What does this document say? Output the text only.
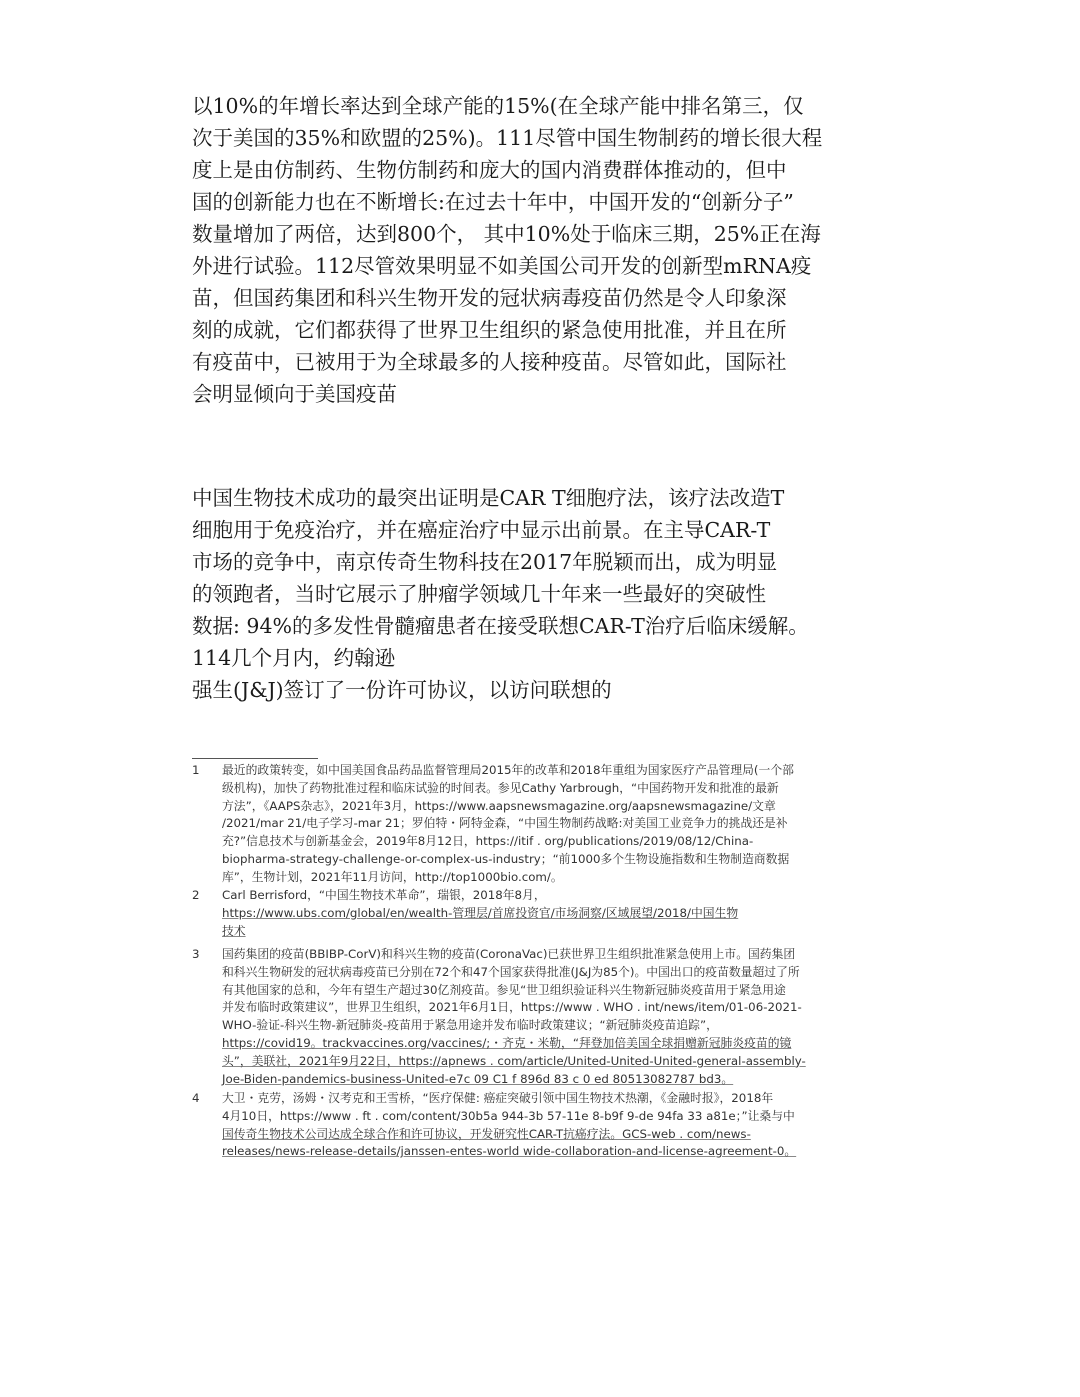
以10%的年增长率达到全球产能的15%(在全球产能中排名第三，仅
次于美国的35%和欧盟的25%)。111尽管中国生物制药的增长很大程
度上是由仿制药、生物仿制药和庞大的国内消费群体推动的，但中
国的创新能力也在不断增长:在过去十年中，中国开发的“创新分子”
数量增加了两倍，达到800个， 其中10%处于临床三期，25%正在海
外进行试验。112尽管效果明显不如美国公司开发的创新型mRNA疫
苗，但国药集团和科兴生物开发的冠状病毒疫苗仍然是令人印象深
刻的成就，它们都获得了世界卫生组织的紧急使用批准，并且在所
有疫苗中，已被用于为全球最多的人接种疫苗。尽管如此，国际社
会明显倾向于美国疫苗
中国生物技术成功的最突出证明是CAR T细胞疗法，该疗法改造T
细胞用于免疫治疗，并在癌症治疗中显示出前景。在主导CAR-T
市场的竞争中，南京传奇生物科技在2017年脱颖而出，成为明显
的领跑者，当时它展示了肿瘤学领域几十年来一些最好的突破性
数据: 94%的多发性骨髓瘤患者在接受联想CAR-T治疗后临床缓解。
114几个月内，约翰逊
强生(J&J)签订了一份许可协议，以访问联想的
1	最近的政策转变，如中国美国食品药品监督管理局2015年的改革和2018年重组为国家医疗产品管理局(一个部
级机构)，加快了药物批准过程和临床试验的时间表。参见Cathy Yarbrough，“中国药物开发和批准的最新
方法”，《AAPS杂志》，2021年3月，https://www.aapsnewsmagazine.org/aapsnewsmagazine/文章
/2021/mar 21/电子学习-mar 21；罗伯特・阿特金森，“中国生物制药战略:对美国工业竞争力的挑战还是补
充?”信息技术与创新基金会，2019年8月12日，https://itif . org/publications/2019/08/12/China-
biopharma-strategy-challenge-or-complex-us-industry；“前1000多个生物设施指数和生物制造商数据
库”，生物计划，2021年11月访问，http://top1000bio.com/。
2	Carl Berrisford，“中国生物技术革命”，瑞银，2018年8月，
https://www.ubs.com/global/en/wealth-管理层/首席投资官/市场洞察/区域展望/2018/中国生物
技术
3	国药集团的疫苗(BBIBP-CorV)和科兴生物的疫苗(CoronaVac)已获世界卫生组织批准紧急使用上市。国药集团
和科兴生物研发的冠状病毒疫苗已分别在72个和47个国家获得批准(J&J为85个)。中国出口的疫苗数量超过了所
有其他国家的总和，今年有望生产超过30亿剂疫苗。参见“世卫组织验证科兴生物新冠肺炎疫苗用于紧急用途
并发布临时政策建议”，世界卫生组织，2021年6月1日，https://www . WHO . int/news/item/01-06-2021-
WHO-验证-科兴生物-新冠肺炎-疫苗用于紧急用途并发布临时政策建议；“新冠肺炎疫苗追踪”，
https://covid19。trackvaccines.org/vaccines/;・齐克・米勒，“拜登加倍美国全球捐赠新冠肺炎疫苗的镜
头”，美联社，2021年9月22日，https://apnews . com/article/United-United-United-general-assembly-
Joe-Biden-pandemics-business-United-e7c 09 C1 f 896d 83 c 0 ed 80513082787 bd3。
4	大卫・克劳，汤姆・汉考克和王雪桥，“医疗保健: 癌症突破引领中国生物技术热潮，《金融时报》，2018年
4月10日，https://www . ft . com/content/30b5a 944-3b 57-11e 8-b9f 9-de 94fa 33 a81e；”让桑与中
国传奇生物技术公司达成全球合作和许可协议，开发研究性CAR-T抗癌疗法。GCS-web . com/news-
releases/news-release-details/janssen-entes-world wide-collaboration-and-license-agreement-0。
